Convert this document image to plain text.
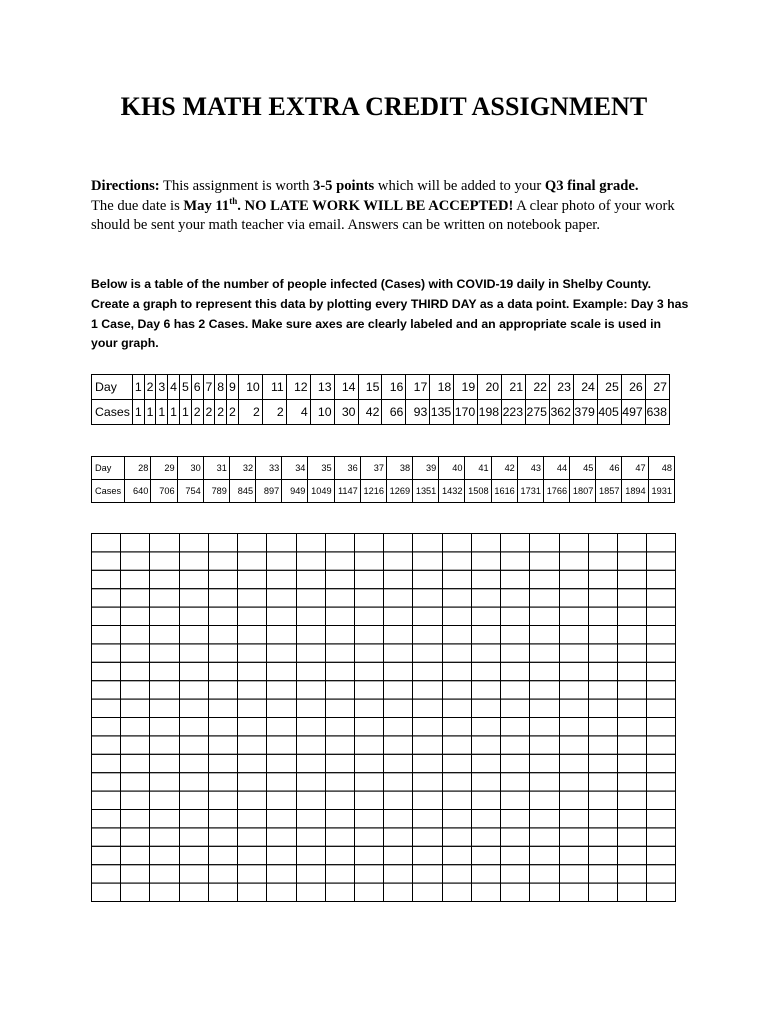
KHS MATH EXTRA CREDIT ASSIGNMENT
Directions: This assignment is worth 3-5 points which will be added to your Q3 final grade.
The due date is May 11th. NO LATE WORK WILL BE ACCEPTED! A clear photo of your work should be sent your math teacher via email. Answers can be written on notebook paper.
Below is a table of the number of people infected (Cases) with COVID-19 daily in Shelby County. Create a graph to represent this data by plotting every THIRD DAY as a data point. Example: Day 3 has 1 Case, Day 6 has 2 Cases. Make sure axes are clearly labeled and an appropriate scale is used in your graph.
Day	1	2	3	4	5	6	7	8	9	10	11	12	13	14	15	16	17	18	19	20	21	22	23	24	25	26	27
Cases	1	1	1	1	1	2	2	2	2	2	2	4	10	30	42	66	93	135	170	198	223	275	362	379	405	497	638
Day	28	29	30	31	32	33	34	35	36	37	38	39	40	41	42	43	44	45	46	47	48
Cases	640	706	754	789	845	897	949	1049	1147	1216	1269	1351	1432	1508	1616	1731	1766	1807	1857	1894	1931
